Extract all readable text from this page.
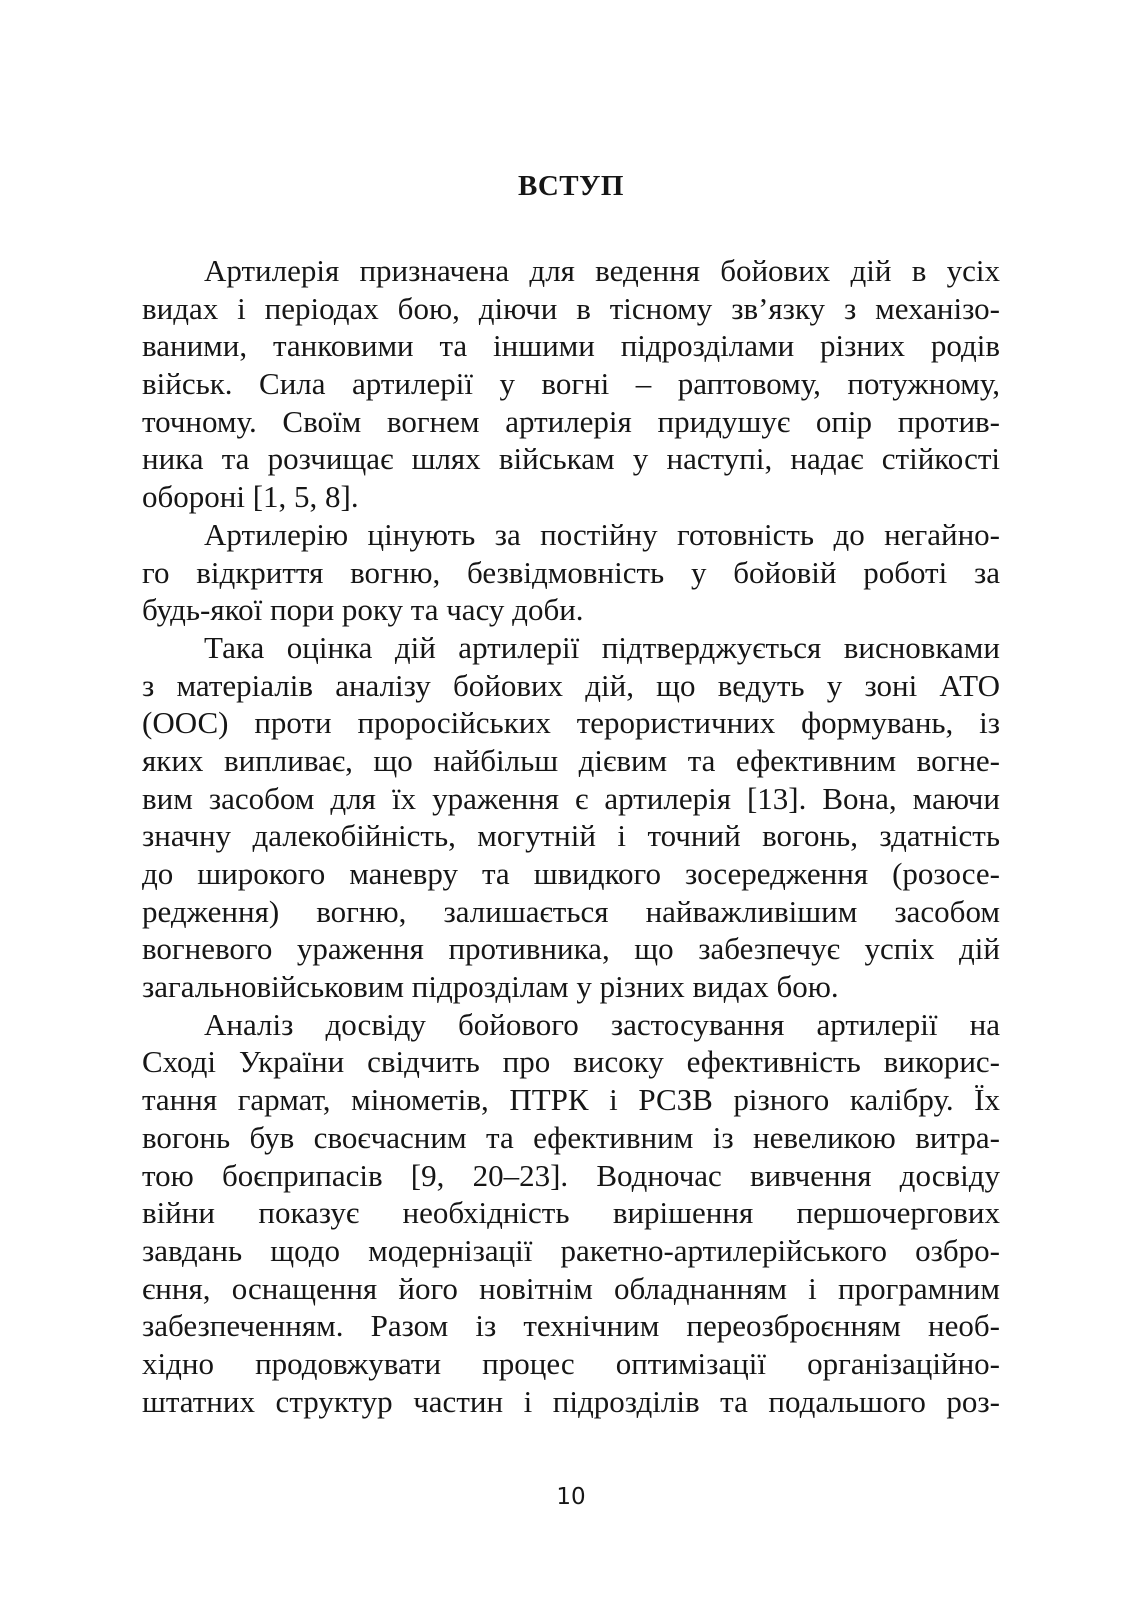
ВСТУП
Артилерія призначена для ведення бойових дій в усіх
видах і періодах бою, діючи в тісному зв’язку з механізо-
ваними, танковими та іншими підрозділами різних родів
військ. Сила артилерії у вогні – раптовому, потужному,
точному. Своїм вогнем артилерія придушує опір против-
ника та розчищає шлях військам у наступі, надає стійкості
обороні [1, 5, 8].
Артилерію цінують за постійну готовність до негайно-
го відкриття вогню, безвідмовність у бойовій роботі за
будь-якої пори року та часу доби.
Така оцінка дій артилерії підтверджується висновками
з матеріалів аналізу бойових дій, що ведуть у зоні АТО
(ООС) проти проросійських терористичних формувань, із
яких випливає, що найбільш дієвим та ефективним вогне-
вим засобом для їх ураження є артилерія [13]. Вона, маючи
значну далекобійність, могутній і точний вогонь, здатність
до широкого маневру та швидкого зосередження (розосе-
редження) вогню, залишається найважливішим засобом
вогневого ураження противника, що забезпечує успіх дій
загальновійськовим підрозділам у різних видах бою.
Аналіз досвіду бойового застосування артилерії на
Сході України свідчить про високу ефективність викорис-
тання гармат, мінометів, ПТРК і РСЗВ різного калібру. Їх
вогонь був своєчасним та ефективним із невеликою витра-
тою боєприпасів [9, 20–23]. Водночас вивчення досвіду
війни показує необхідність вирішення першочергових
завдань щодо модернізації ракетно-артилерійського озбро-
єння, оснащення його новітнім обладнанням і програмним
забезпеченням. Разом із технічним переозброєнням необ-
хідно продовжувати процес оптимізації організаційно-
штатних структур частин і підрозділів та подальшого роз-
10
